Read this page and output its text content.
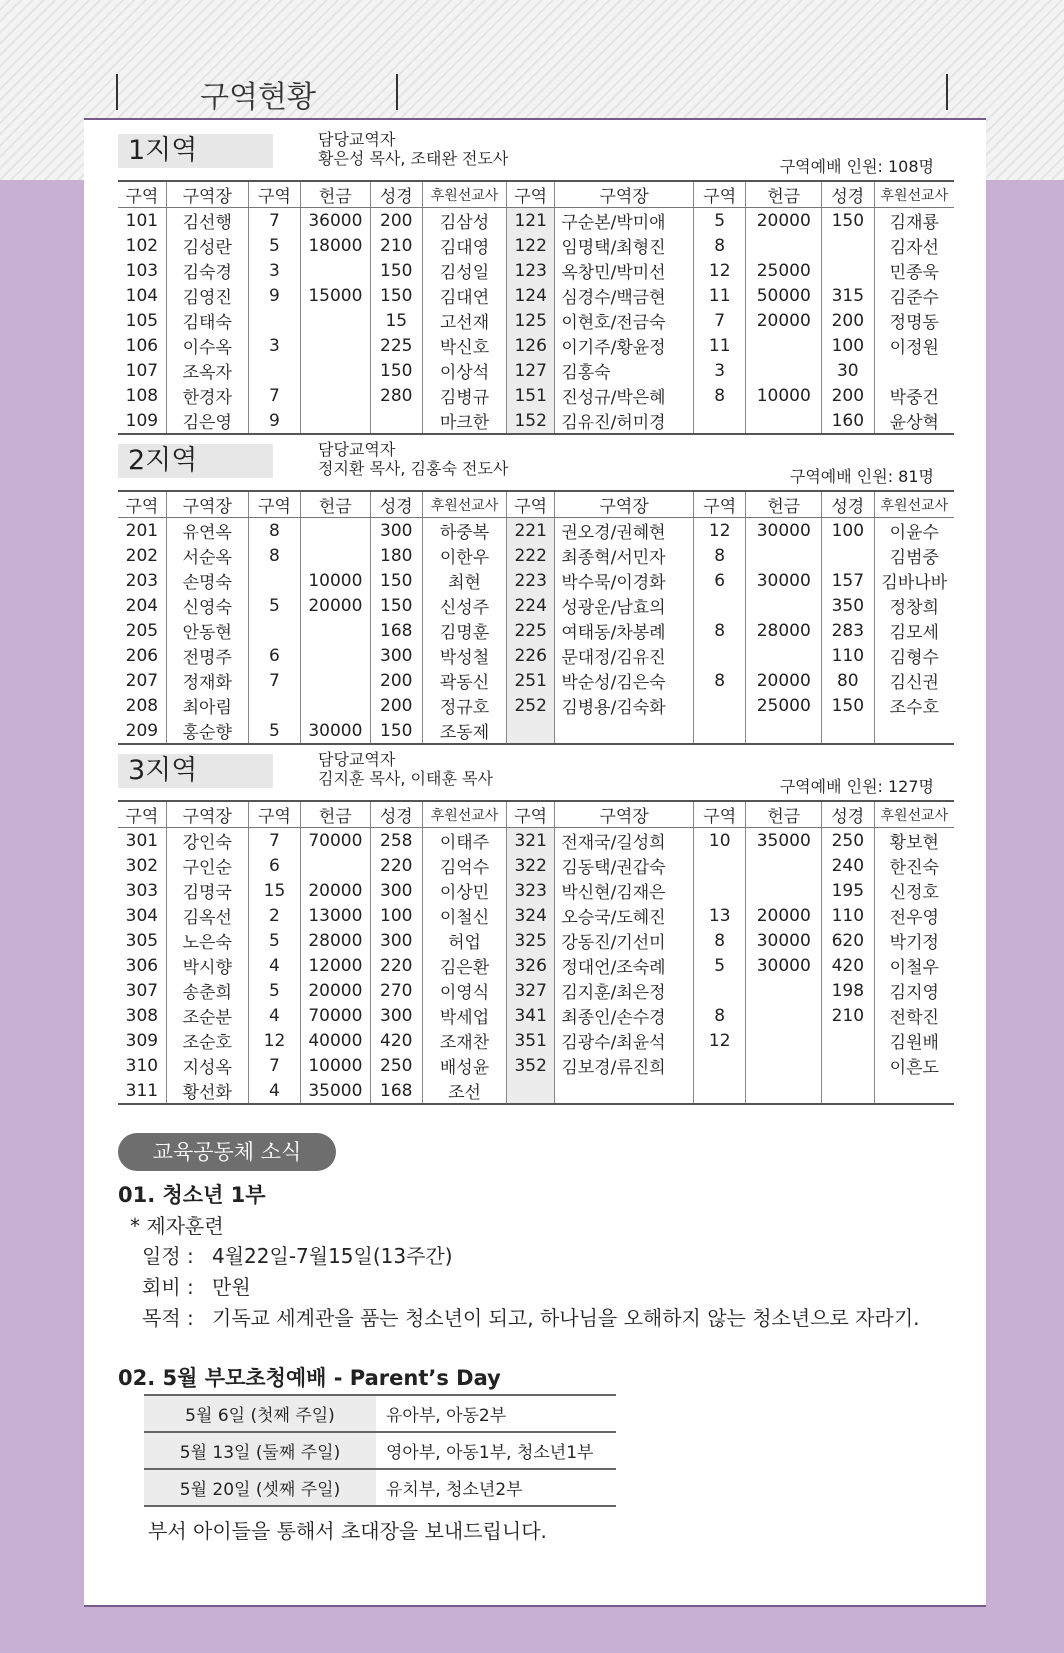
구역현황
1지역	담당교역자
황은성 목사, 조태완 전도사	구역예배 인원: 108명
구역	구역장	구역	헌금	성경	후원선교사	구역	구역장	구역	헌금	성경	후원선교사
101	김선행	7	36000	200	김삼성	121	구순본/박미애	5	20000	150	김재룡
102	김성란	5	18000	210	김대영	122	임명택/최형진	8			김자선
103	김숙경	3		150	김성일	123	옥창민/박미선	12	25000		민종욱
104	김영진	9	15000	150	김대연	124	심경수/백금현	11	50000	315	김준수
105	김태숙			15	고선재	125	이현호/전금숙	7	20000	200	정명동
106	이수옥	3		225	박신호	126	이기주/황윤정	11		100	이정원
107	조옥자			150	이상석	127	김홍숙	3		30	
108	한경자	7		280	김병규	151	진성규/박은혜	8	10000	200	박중건
109	김은영	9			마크한	152	김유진/허미경			160	윤상혁
2지역	담당교역자
정지환 목사, 김홍숙 전도사	구역예배 인원: 81명
구역	구역장	구역	헌금	성경	후원선교사	구역	구역장	구역	헌금	성경	후원선교사
201	유연옥	8		300	하중복	221	권오경/권혜현	12	30000	100	이윤수
202	서순옥	8		180	이한우	222	최종혁/서민자	8			김범중
203	손명숙		10000	150	최현	223	박수묵/이경화	6	30000	157	김바나바
204	신영숙	5	20000	150	신성주	224	성광운/남효의			350	정창희
205	안동현			168	김명훈	225	여태동/차봉례	8	28000	283	김모세
206	전명주	6		300	박성철	226	문대정/김유진			110	김형수
207	정재화	7		200	곽동신	251	박순성/김은숙	8	20000	80	김신권
208	최아림			200	정규호	252	김병용/김숙화		25000	150	조수호
209	홍순향	5	30000	150	조동제						
3지역	담당교역자
김지훈 목사, 이태훈 목사	구역예배 인원: 127명
구역	구역장	구역	헌금	성경	후원선교사	구역	구역장	구역	헌금	성경	후원선교사
301	강인숙	7	70000	258	이태주	321	전재국/길성희	10	35000	250	황보현
302	구인순	6		220	김억수	322	김동택/권갑숙			240	한진숙
303	김명국	15	20000	300	이상민	323	박신현/김재은			195	신정호
304	김옥선	2	13000	100	이철신	324	오승국/도혜진	13	20000	110	전우영
305	노은숙	5	28000	300	허업	325	강동진/기선미	8	30000	620	박기정
306	박시향	4	12000	220	김은환	326	정대언/조숙례	5	30000	420	이철우
307	송춘희	5	20000	270	이영식	327	김지훈/최은정			198	김지영
308	조순분	4	70000	300	박세업	341	최종인/손수경	8		210	전학진
309	조순호	12	40000	420	조재찬	351	김광수/최윤석	12			김원배
310	지성옥	7	10000	250	배성윤	352	김보경/류진희				이흔도
311	황선화	4	35000	168	조선						
교육공동체 소식
01. 청소년 1부
* 제자훈련
일정 : 4월22일-7월15일(13주간)
회비 : 만원
목적 : 기독교 세계관을 품는 청소년이 되고, 하나님을 오해하지 않는 청소년으로 자라기.
02. 5월 부모초청예배 - Parent’s Day
5월 6일 (첫째 주일)	유아부, 아동2부
5월 13일 (둘째 주일)	영아부, 아동1부, 청소년1부
5월 20일 (셋째 주일)	유치부, 청소년2부
부서 아이들을 통해서 초대장을 보내드립니다.
